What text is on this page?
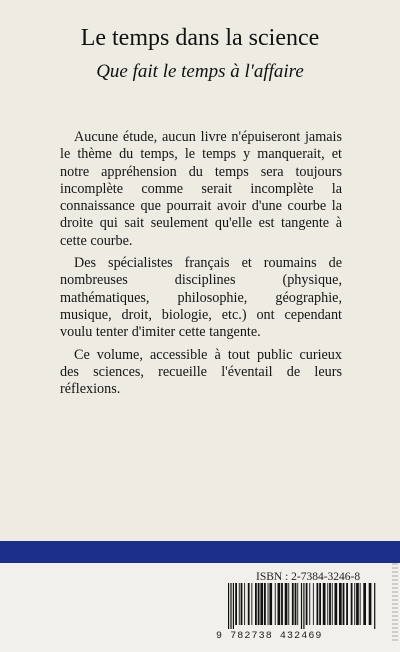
Le temps dans la science
Que fait le temps à l'affaire

Aucune étude, aucun livre n'épuiseront jamais le thème du temps, le temps y manquerait, et notre appréhension du temps sera toujours incomplète comme serait incomplète la connaissance que pourrait avoir d'une courbe la droite qui sait seulement qu'elle est tangente à cette courbe.

Des spécialistes français et roumains de nombreuses disciplines (physique, mathématiques, philosophie, géographie, musique, droit, biologie, etc.) ont cependant voulu tenter d'imiter cette tangente.

Ce volume, accessible à tout public curieux des sciences, recueille l'éventail de leurs réflexions.

ISBN : 2-7384-3246-8
9 782738 432469
